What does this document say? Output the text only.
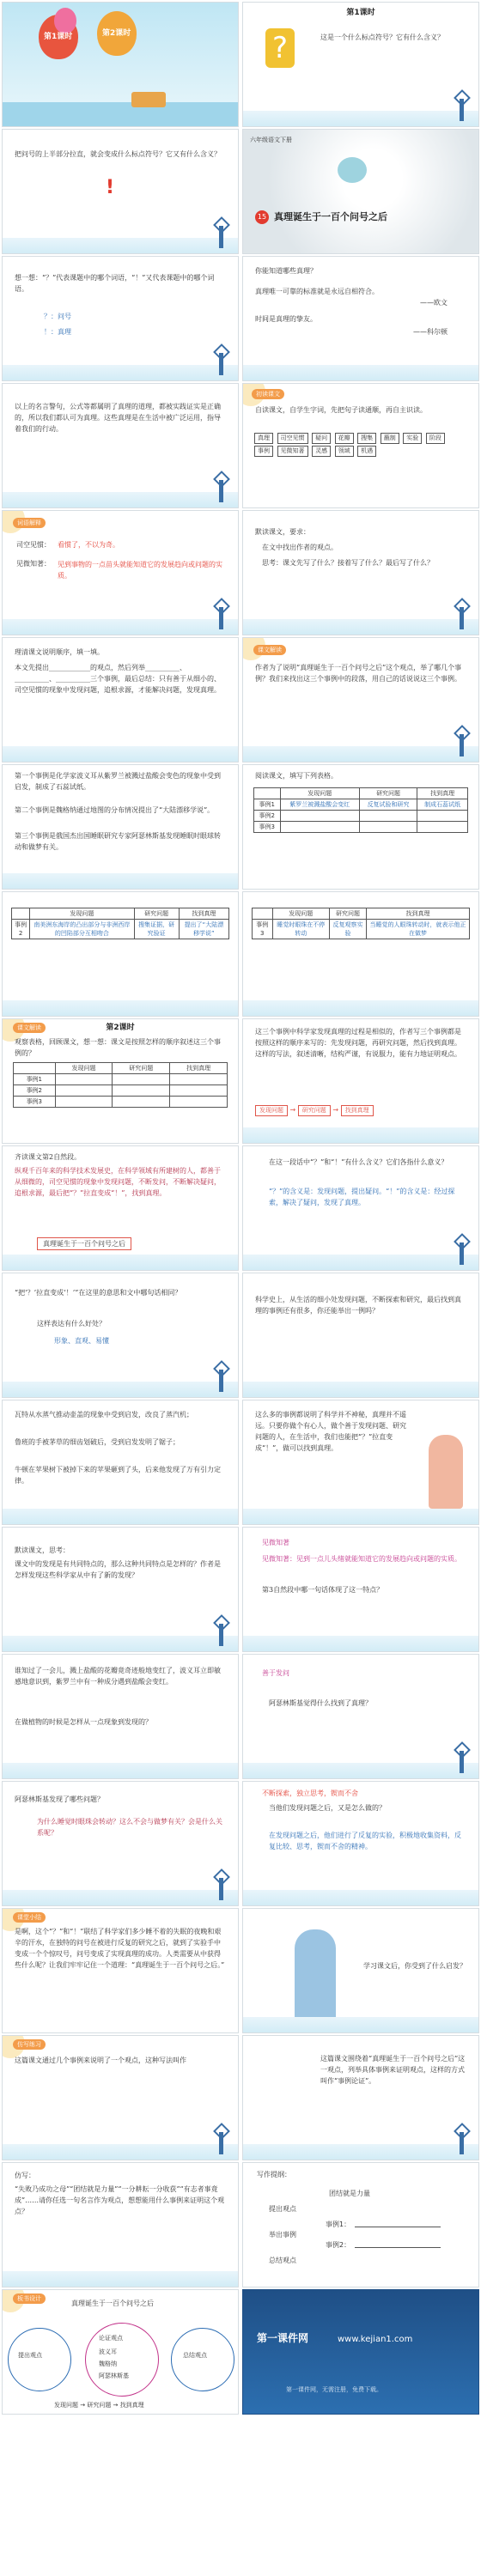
第1课时	第2课时
第1课时
?	这是一个什么标点符号？它有什么含义？
把问号的上半部分拉直，就会变成什么标点符号？它又有什么含义？
!
六年级语文下册
15 真理诞生于一百个问号之后
想一想：“？”代表课题中的哪个词语，“！”又代表课题中的哪个词语。
？：问号
！：真理
你能知道哪些真理？
真理唯一可靠的标准就是永远自相符合。
——欧文
时间是真理的挚友。
——科尔顿
以上的名言警句，公式等都属明了真理的道理，都被实践证实是正确的，所以我们都认可为真理。这些真理是在生活中被广泛运用，指导着我们的行动。
初读课文
自读课文，自学生字词，先把句子读通顺，再自主识读。
真理 司空见惯 疑问 花瓣 搜集 蘸制 实验 阶段 事例 见微知著 灵感 领域 机遇
词语解释
司空见惯： 看惯了，不以为奇。
见微知著： 见到事物的一点苗头就能知道它的发展趋向或问题的实质。
默读课文，要求：
在文中找出作者的观点。
思考：课文先写了什么？接着写了什么？最后写了什么？
理清课文说明顺序，填一填。
本文先提出____________的观点，然后列举__________、__________、__________三个事例，最后总结：只有善于从细小的、司空见惯的现象中发现问题，追根求源，才能解决问题，发现真理。
课文解读
作者为了说明“真理诞生于一百个问号之后”这个观点，举了哪几个事例？我们来找出这三个事例中的段落，用自己的话说说这三个事例。
第一个事例是化学家波义耳从紫罗兰被溅过盐酸会变色的现象中受到启发，制成了石蕊试纸。
第二个事例是魏格纳通过地图的分布情况提出了“大陆漂移学说”。
第三个事例是俄国杰出国睡眠研究专家阿瑟林斯基发现睡眠时眼球转动和做梦有关。
阅读课文，填写下列表格。
	发现问题	研究问题	找到真理
事例1	紫罗兰被溅盐酸会变红	反复试验和研究	制成石蕊试纸
事例2			
事例3			
	发现问题	研究问题	找到真理
事例2	南美洲东海岸的凸出部分与非洲西岸的凹陷部分互相吻合	搜集证据，研究验证	提出了“大陆漂移学说”
	发现问题	研究问题	找到真理
事例3	睡觉时眼珠在不停转动	反复观察实验	当睡觉的人眼珠转动时，就表示他正在做梦
课文解读	第2课时
观察表格，回顾课文，想一想：课文是按照怎样的顺序叙述这三个事例的？
	发现问题	研究问题	找到真理
事例1			
事例2			
事例3			
这三个事例中科学家发现真理的过程是相似的，作者写三个事例都是按照这样的顺序来写的：先发现问题，再研究问题，然后找到真理。这样的写法，叙述清晰，结构严谨，有说服力，能有力地证明观点。
发现问题 → 研究问题 → 找到真理
齐读课文第2自然段。
纵观千百年来的科学技术发展史，在科学领域有所建树的人，都善于从细微的，司空见惯的现象中发现问题，不断发问，不断解决疑问，追根求源，最后把“？”拉直变成“！”，找到真理。
真理诞生于一百个问号之后
在这一段话中“？”和“！”有什么含义？它们各指什么意义？
“？”的含义是：发现问题，提出疑问。“！”的含义是：经过探索，解决了疑问，发现了真理。
“把‘？’拉直变成‘！’”在这里的意思和文中哪句话相同？
这样表达有什么好处？
形象、直观、易懂
科学史上，从生活的细小处发现问题，不断探索和研究，最后找到真理的事例还有很多，你还能举出一例吗？
瓦特从水蒸气推动壶盖的现象中受到启发，改良了蒸汽机；
鲁班的手被茅草的细齿划破后，受到启发发明了锯子；
牛顿在苹果树下被掉下来的苹果砸到了头，后来他发现了万有引力定律。
这么多的事例都说明了科学并不神秘，真理并不遥远。只要你做个有心人，做个善于发现问题、研究问题的人，在生活中，我们也能把“？”拉直变成“！”，做可以找到真理。
默读课文，思考：
课文中的发现是有共同特点的，那么这种共同特点是怎样的？作者是怎样发现这些科学家从中有了新的发现？
见微知著
见微知著：见到一点儿头绪就能知道它的发展趋向或问题的实质。
第3自然段中哪一句话体现了这一特点？
谁知过了一会儿，溅上盐酸的花瓣竟奇迹般地变红了，波义耳立即敏感地意识到，紫罗兰中有一种成分遇到盐酸会变红。
在做植物的时候是怎样从一点现象到发现的？
善于发问
阿瑟林斯基觉得什么找到了真理？
阿瑟林斯基发现了哪些问题？
为什么睡觉时眼珠会转动？这么不会与做梦有关？会是什么关系呢？
不断探索，独立思考，锲而不舍
当他们发现问题之后，又是怎么做的？
在发现问题之后，他们进行了反复的实验，积极地收集资料，反复比较、思考，锲而不舍的精神。
课堂小结
是啊，这个“？”和“！”联结了科学家们多少睡不着的失眠的夜晚和艰辛的汗水，在独特的问号在被进行反复的研究之后，就到了实验手中变成一个个惊叹号，问号变成了实现真理的成功。人类需要从中获得些什么呢？让我们牢牢记住一个道理：“真理诞生于一百个问号之后。”	学习课文后，你受到了什么启发？
仿写练习
这篇课文通过几个事例来说明了一个观点，这种写法叫作	这篇课文围绕着“真理诞生于一百个问号之后”这一观点，列举具体事例来证明观点，这样的方式叫作“事例论证”。
仿写：
“失败乃成功之母”“团结就是力量”“一分耕耘一分收获”“有志者事竟成”……请你任选一句名言作为观点，想想能用什么事例来证明这个观点？
写作提纲：
团结就是力量
提出观点
举出事例
总结观点
事例1：
事例2：
板书设计
真理诞生于一百个问号之后
提出观点
论证观点
总结观点
波义耳
魏格纳
阿瑟林斯基
发现问题 → 研究问题 → 找到真理
第一课件网	www.kejian1.com
第一课件网，无需注册，免费下载。
